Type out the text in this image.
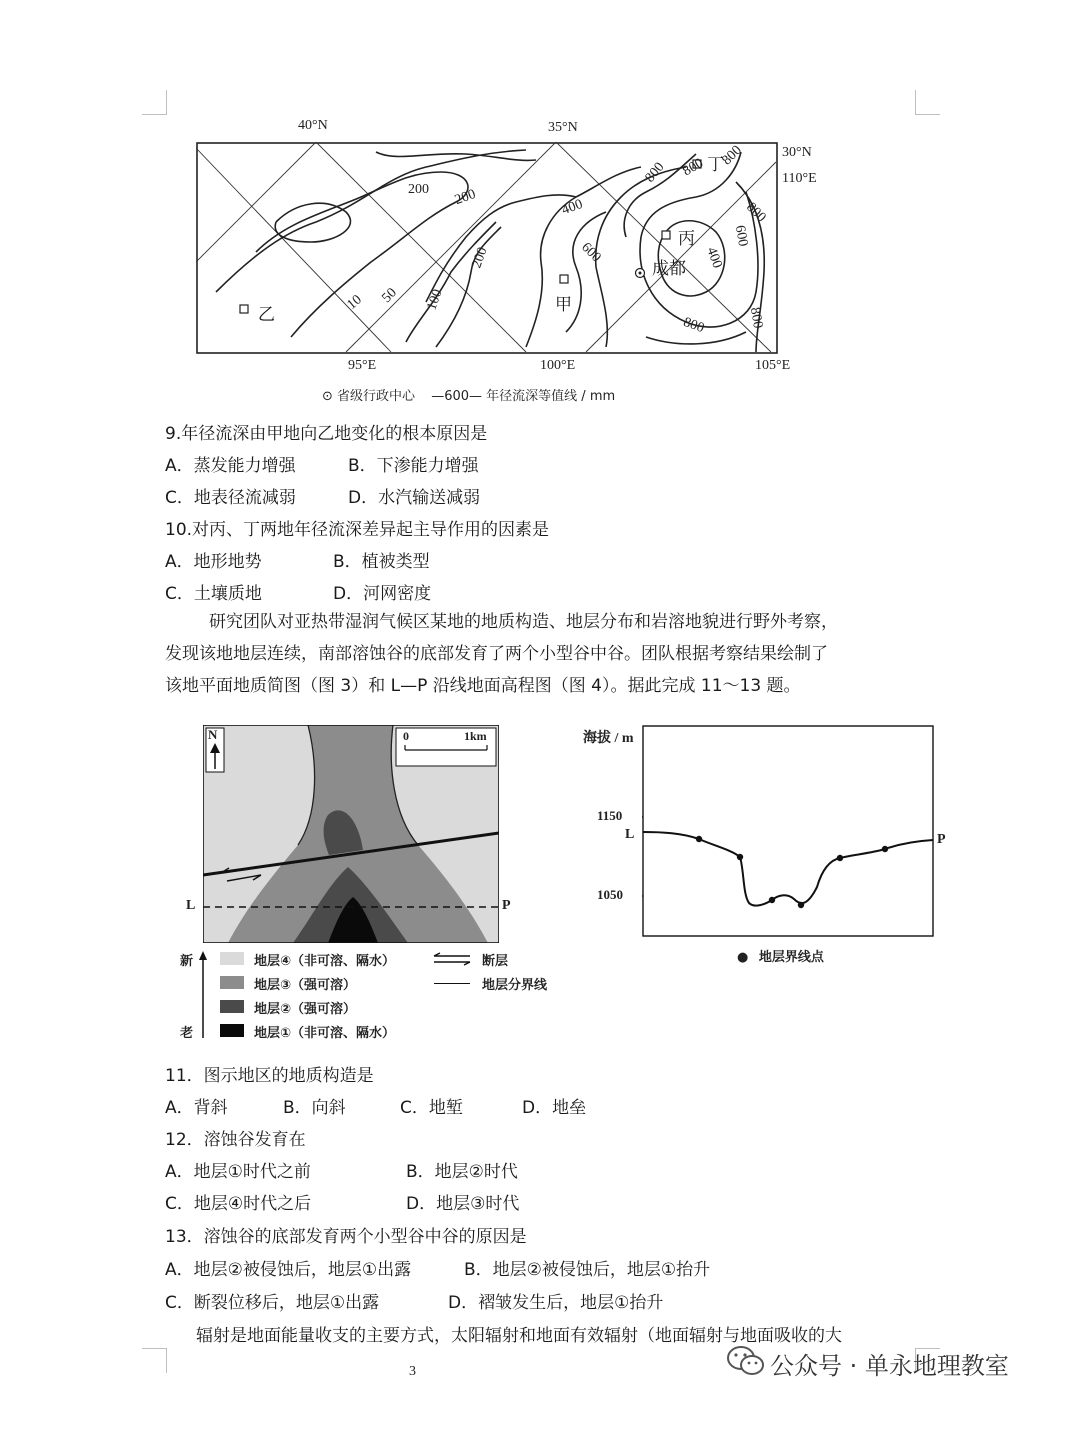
40°N	35°N
30°N
110°E
95°E	100°E	105°E
200 200
200
100
50
10
400
600
800 800 800
800
600
400
800	800
丙
丁
甲
乙
成都
⊙ 省级行政中心 —600— 年径流深等值线 / mm
9.年径流深由甲地向乙地变化的根本原因是
A．蒸发能力增强	B．下渗能力增强
C．地表径流减弱	D．水汽输送减弱
10.对丙、丁两地年径流深差异起主导作用的因素是
A．地形地势	B．植被类型
C．土壤质地	D．河网密度
研究团队对亚热带湿润气候区某地的地质构造、地层分布和岩溶地貌进行野外考察，
发现该地地层连续，南部溶蚀谷的底部发育了两个小型谷中谷。团队根据考察结果绘制了
该地平面地质简图（图 3）和 L—P 沿线地面高程图（图 4）。据此完成 11～13 题。
N	0	1km
L	P
新
老
地层④（非可溶、隔水）
地层③（强可溶）
地层②（强可溶）
地层①（非可溶、隔水）
断层
地层分界线
海拔 / m
1150
1050
L	P
● 地层界线点
11．图示地区的地质构造是
A．背斜	B．向斜	C．地堑	D．地垒
12．溶蚀谷发育在
A．地层①时代之前	B．地层②时代
C．地层④时代之后	D．地层③时代
13．溶蚀谷的底部发育两个小型谷中谷的原因是
A．地层②被侵蚀后，地层①出露	B．地层②被侵蚀后，地层①抬升
C．断裂位移后，地层①出露	D．褶皱发生后，地层①抬升
辐射是地面能量收支的主要方式，太阳辐射和地面有效辐射（地面辐射与地面吸收的大
3	公众号 · 单永地理教室
